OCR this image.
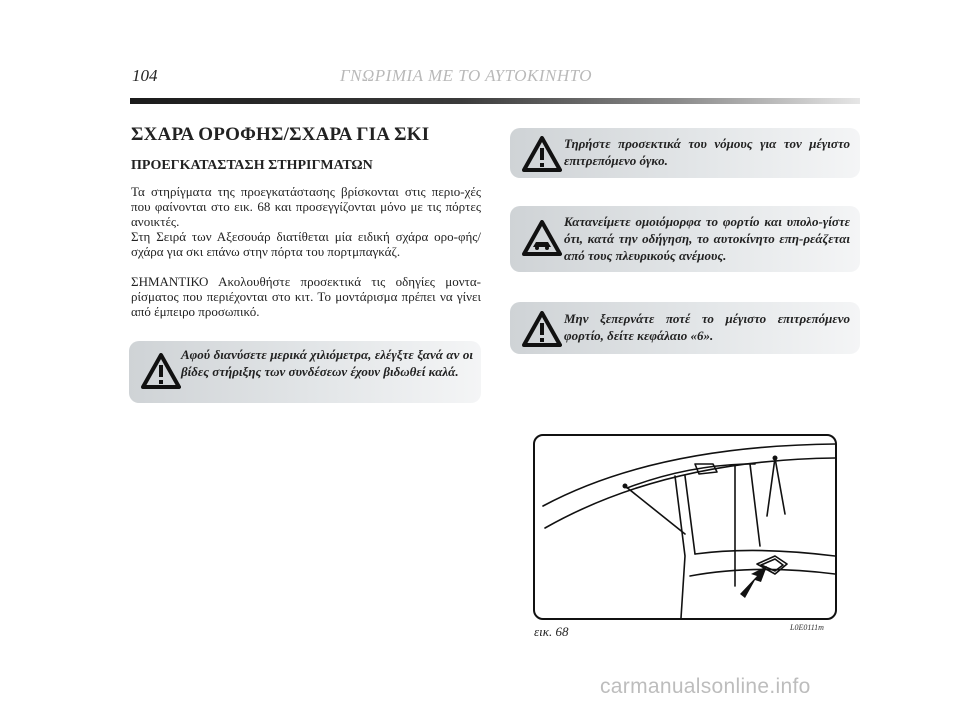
104	ΓΝΩΡΙΜΙΑ ΜΕ ΤΟ ΑΥΤΟΚΙΝΗΤΟ
ΣΧΑΡΑ ΟΡΟΦΗΣ/ΣΧΑΡΑ ΓΙΑ ΣΚΙ
ΠΡΟΕΓΚΑΤΑΣΤΑΣΗ ΣΤΗΡΙΓΜΑΤΩΝ

Τα στηρίγματα της προεγκατάστασης βρίσκονται στις περιο-χές που φαίνονται στο εικ. 68 και προσεγγίζονται μόνο με τις πόρτες ανοικτές.

Στη Σειρά των Αξεσουάρ διατίθεται μία ειδική σχάρα ορο-φής/σχάρα για σκι επάνω στην πόρτα του πορτμπαγκάζ.

ΣΗΜΑΝΤΙΚΟ Ακολουθήστε προσεκτικά τις οδηγίες μοντα-ρίσματος που περιέχονται στο κιτ. Το μοντάρισμα πρέπει να γίνει από έμπειρο προσωπικό.

Αφού διανύσετε μερικά χιλιόμετρα, ελέγξτε ξανά αν οι βίδες στήριξης των συνδέσεων έχουν βιδωθεί καλά.
Τηρήστε προσεκτικά του νόμους για τον μέγιστο επιτρεπόμενο όγκο.
Κατανείμετε ομοιόμορφα το φορτίο και υπολο-γίστε ότι, κατά την οδήγηση, το αυτοκίνητο επη-ρεάζεται από τους πλευρικούς ανέμους.
Μην ξεπερνάτε ποτέ το μέγιστο επιτρεπόμενο φορτίο, δείτε κεφάλαιο «6».
εικ. 68	L0E0111m
carmanualsonline.info
